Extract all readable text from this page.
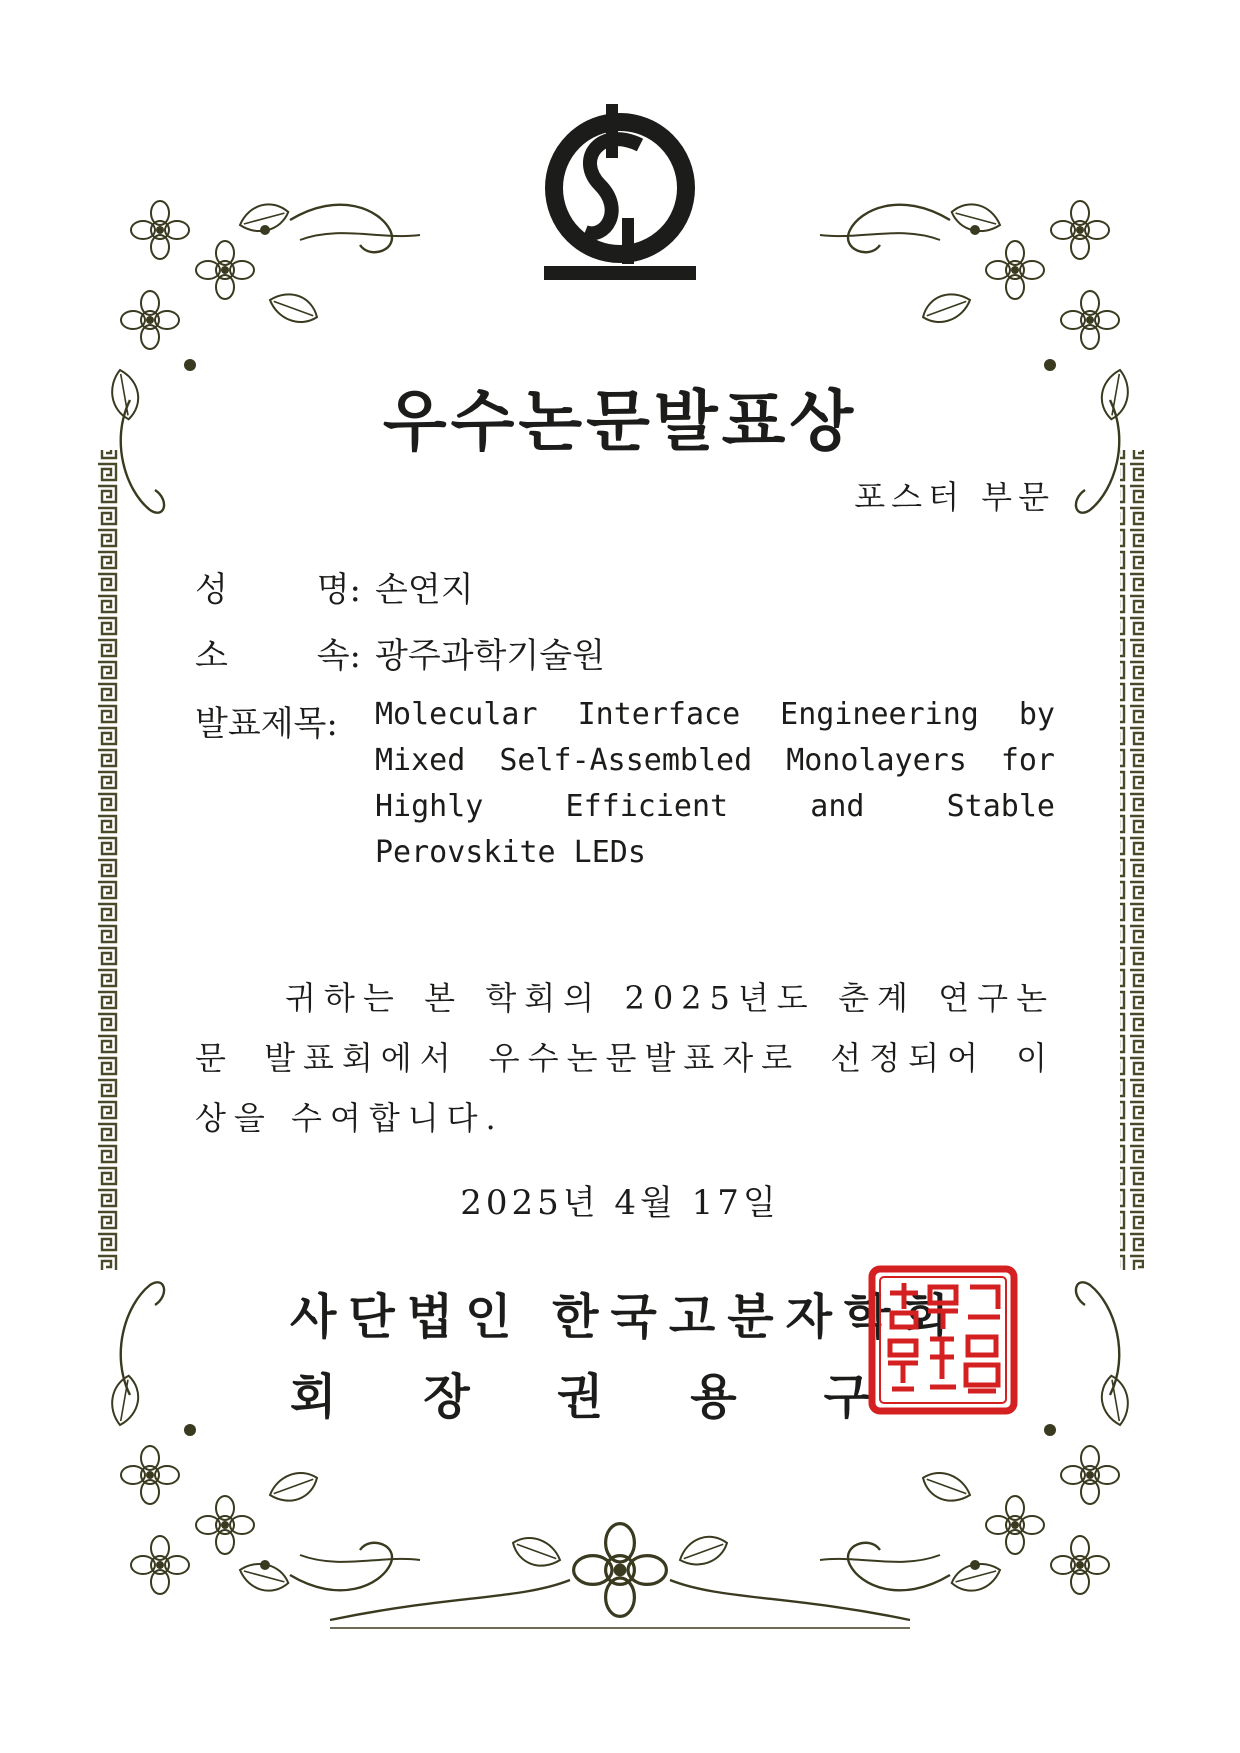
우수논문발표상
포스터 부문
성	명: 손연지
소	속: 광주과학기술원
발표제목:	Molecular Interface Engineering by Mixed Self-Assembled Monolayers for Highly Efficient and Stable Perovskite LEDs
귀하는 본 학회의 2025년도 춘계 연구논문 발표회에서 우수논문발표자로 선정되어 이 상을 수여합니다.
2025년 4월 17일
사단법인 한국고분자학회
회 장 권 용 구
